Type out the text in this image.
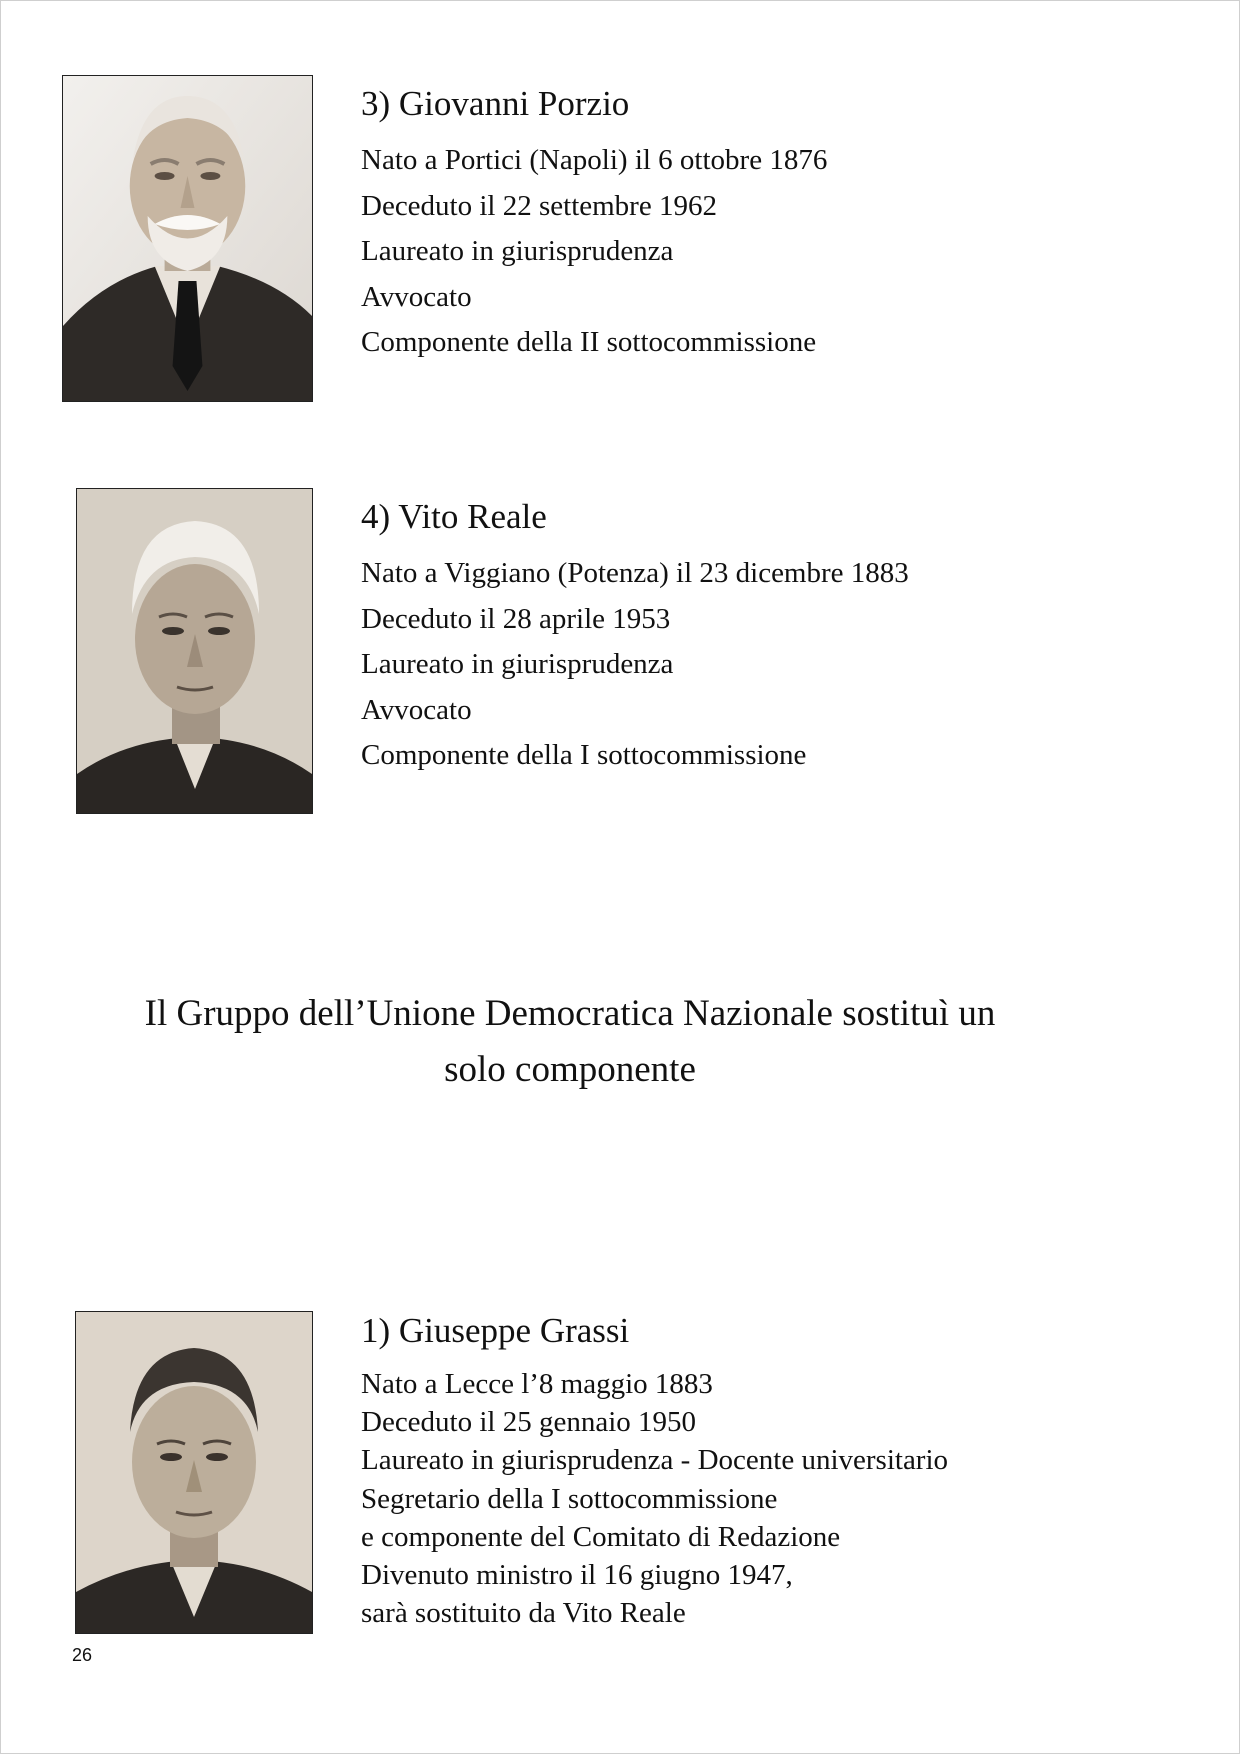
3) Giovanni Porzio
Nato a Portici (Napoli) il 6 ottobre 1876
Deceduto il 22 settembre 1962
Laureato in giurisprudenza
Avvocato
Componente della II sottocommissione
4) Vito Reale
Nato a Viggiano (Potenza) il 23 dicembre 1883
Deceduto il 28 aprile 1953
Laureato in giurisprudenza
Avvocato
Componente della I sottocommissione
Il Gruppo dell’Unione Democratica Nazionale sostituì un
solo componente
1) Giuseppe Grassi
Nato a Lecce l’8 maggio 1883
Deceduto il 25 gennaio 1950
Laureato in giurisprudenza - Docente universitario
Segretario della I sottocommissione
e componente del Comitato di Redazione
Divenuto ministro il 16 giugno 1947,
sarà sostituito da Vito Reale
26
